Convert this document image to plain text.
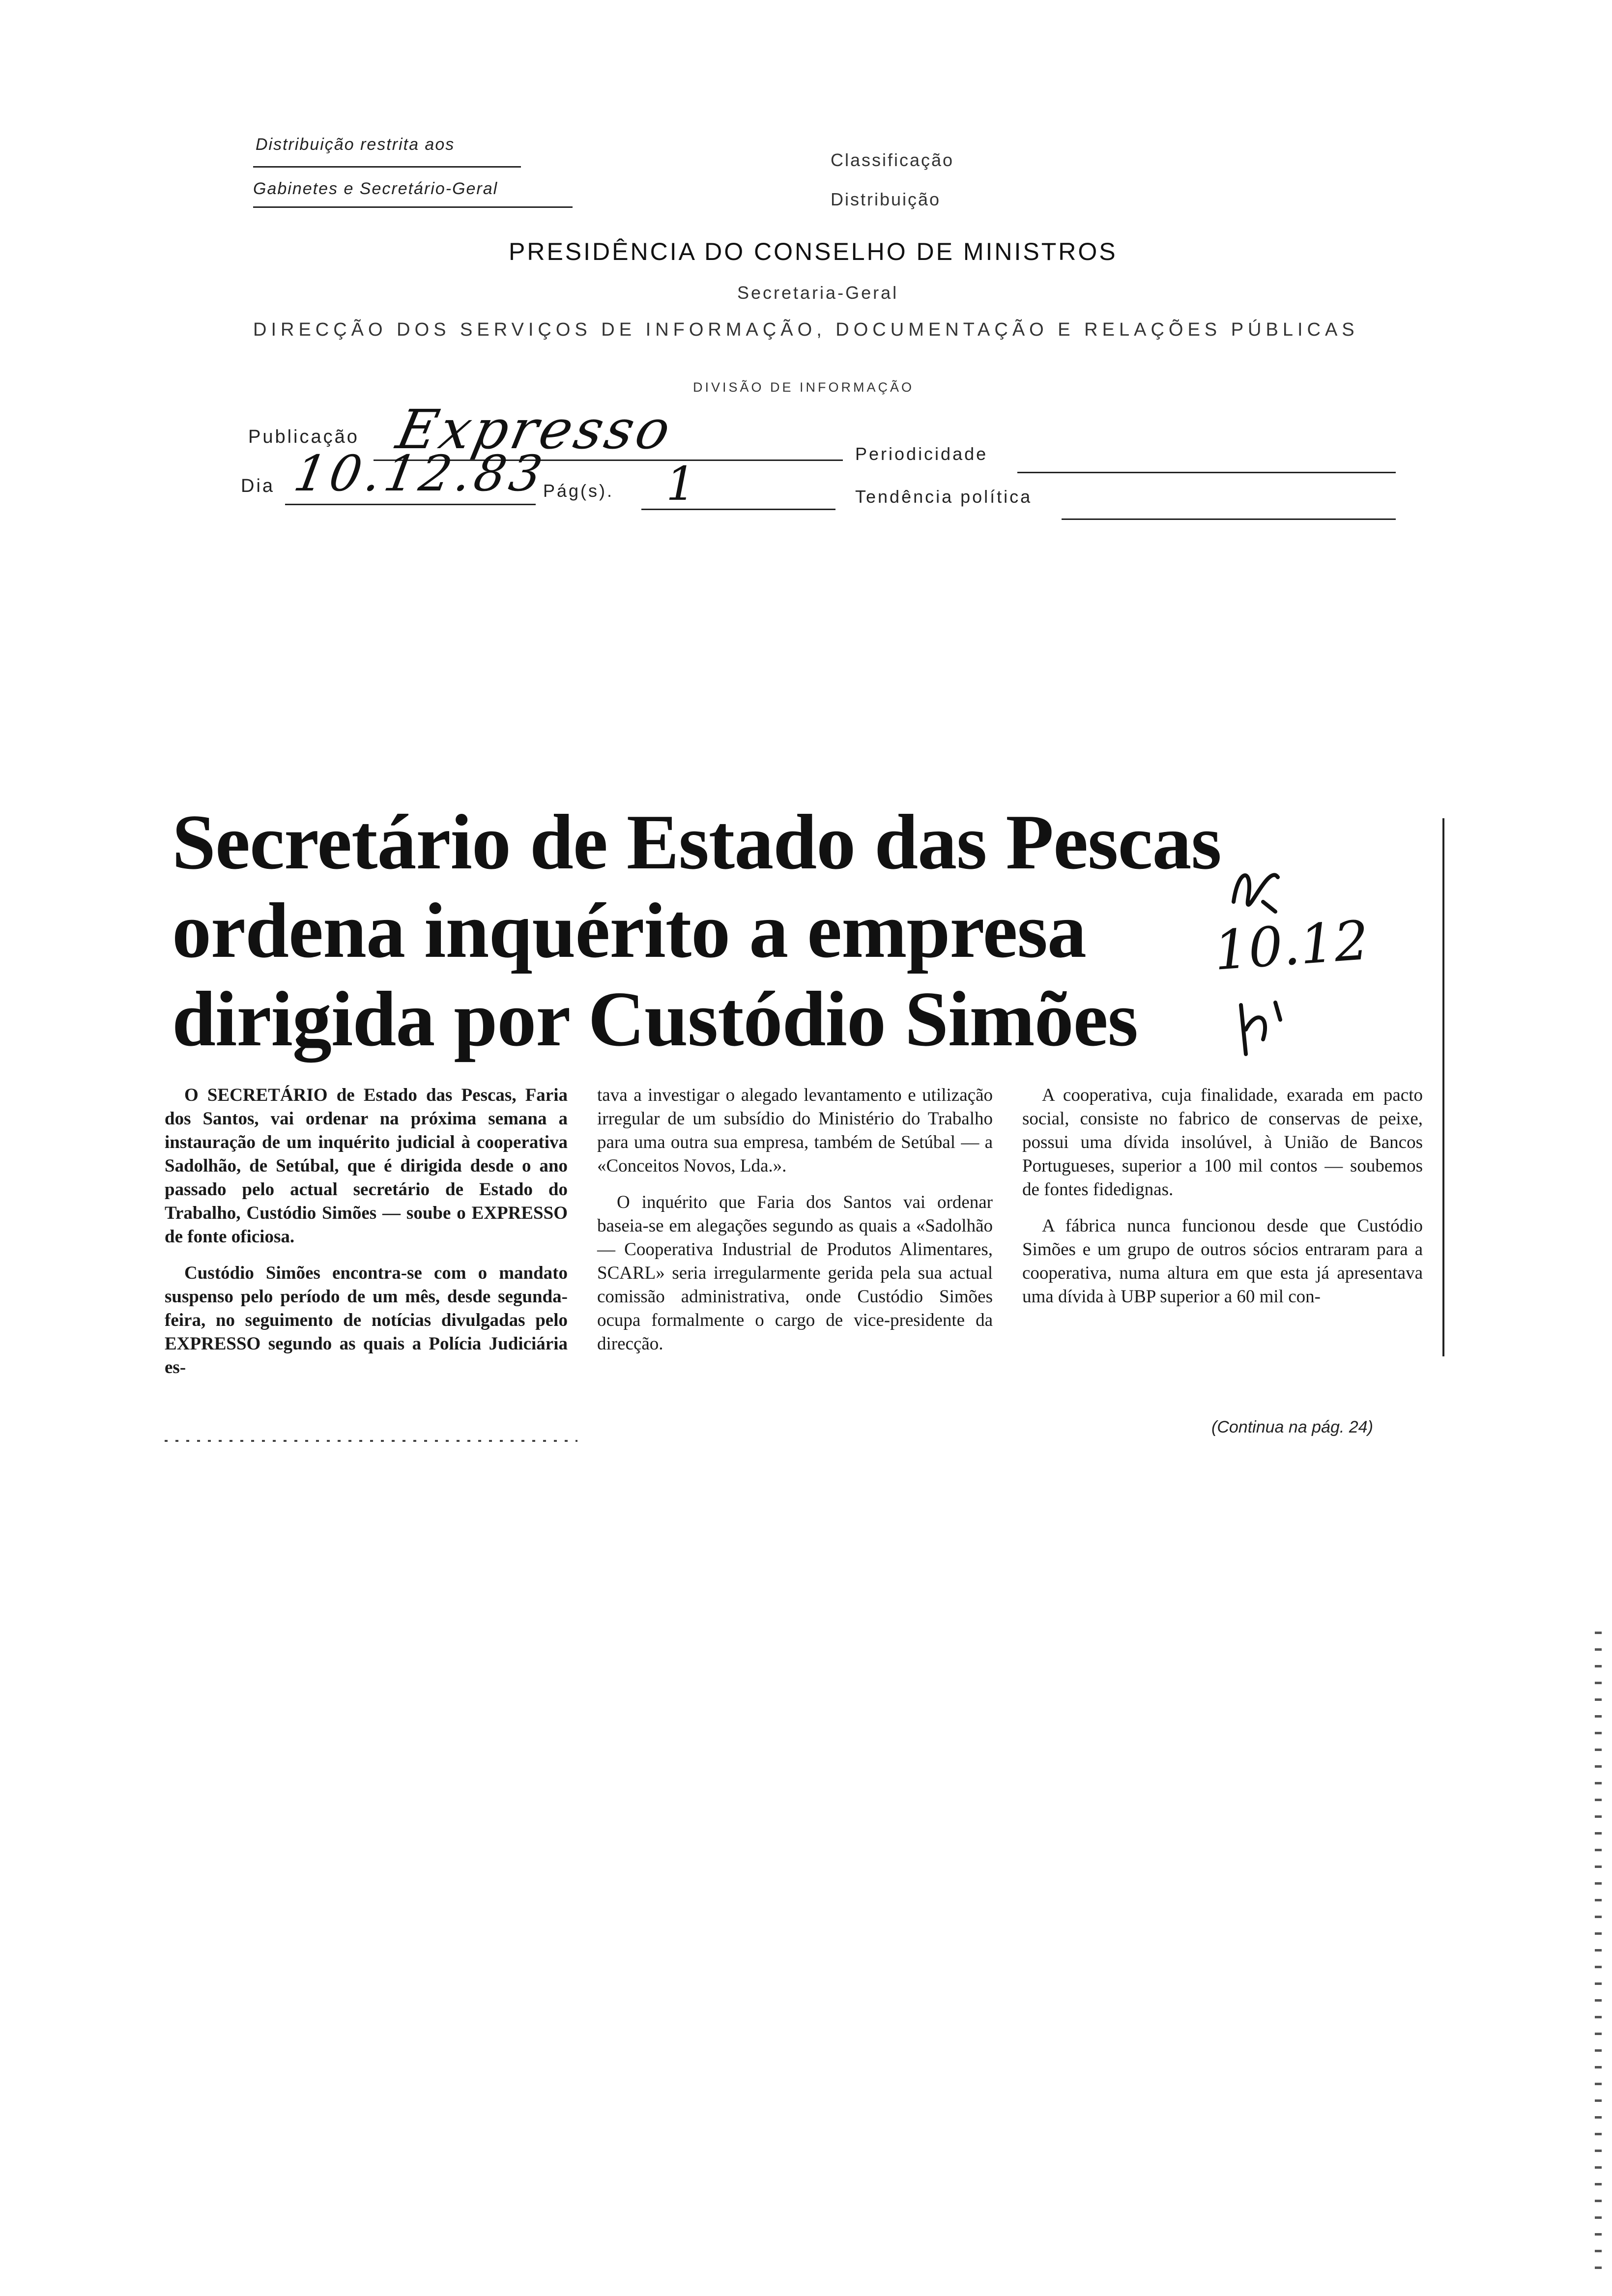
Distribuição restrita aos
Gabinetes e Secretário-Geral
Classificação
Distribuição
PRESIDÊNCIA DO CONSELHO DE MINISTROS
Secretaria-Geral
DIRECÇÃO DOS SERVIÇOS DE INFORMAÇÃO, DOCUMENTAÇÃO E RELAÇÕES PÚBLICAS
DIVISÃO DE INFORMAÇÃO
Publicação Expresso	Periodicidade
Dia 10.12.83
Pág(s). 1	Tendência política
Secretário de Estado das Pescas
ordena inquérito a empresa
dirigida por Custódio Simões
10.12

O SECRETÁRIO de Estado das Pescas, Faria dos Santos, vai ordenar na próxima semana a instauração de um inquérito judicial à cooperativa Sadolhão, de Setúbal, que é dirigida desde o ano passado pelo actual secretário de Estado do Trabalho, Custódio Simões — soube o EXPRESSO de fonte oficiosa.

Custódio Simões encontra-se com o mandato suspenso pelo período de um mês, desde segunda-feira, no seguimento de notícias divulgadas pelo EXPRESSO segundo as quais a Polícia Judiciária es-

tava a investigar o alegado levantamento e utilização irregular de um subsídio do Ministério do Trabalho para uma outra sua empresa, também de Setúbal — a «Conceitos Novos, Lda.».

O inquérito que Faria dos Santos vai ordenar baseia-se em alegações segundo as quais a «Sadolhão — Cooperativa Industrial de Produtos Alimentares, SCARL» seria irregularmente gerida pela sua actual comissão administrativa, onde Custódio Simões ocupa formalmente o cargo de vice-presidente da direcção.

A cooperativa, cuja finalidade, exarada em pacto social, consiste no fabrico de conservas de peixe, possui uma dívida insolúvel, à União de Bancos Portugueses, superior a 100 mil contos — soubemos de fontes fidedignas.

A fábrica nunca funcionou desde que Custódio Simões e um grupo de outros sócios entraram para a cooperativa, numa altura em que esta já apresentava uma dívida à UBP superior a 60 mil con-

(Continua na pág. 24)
